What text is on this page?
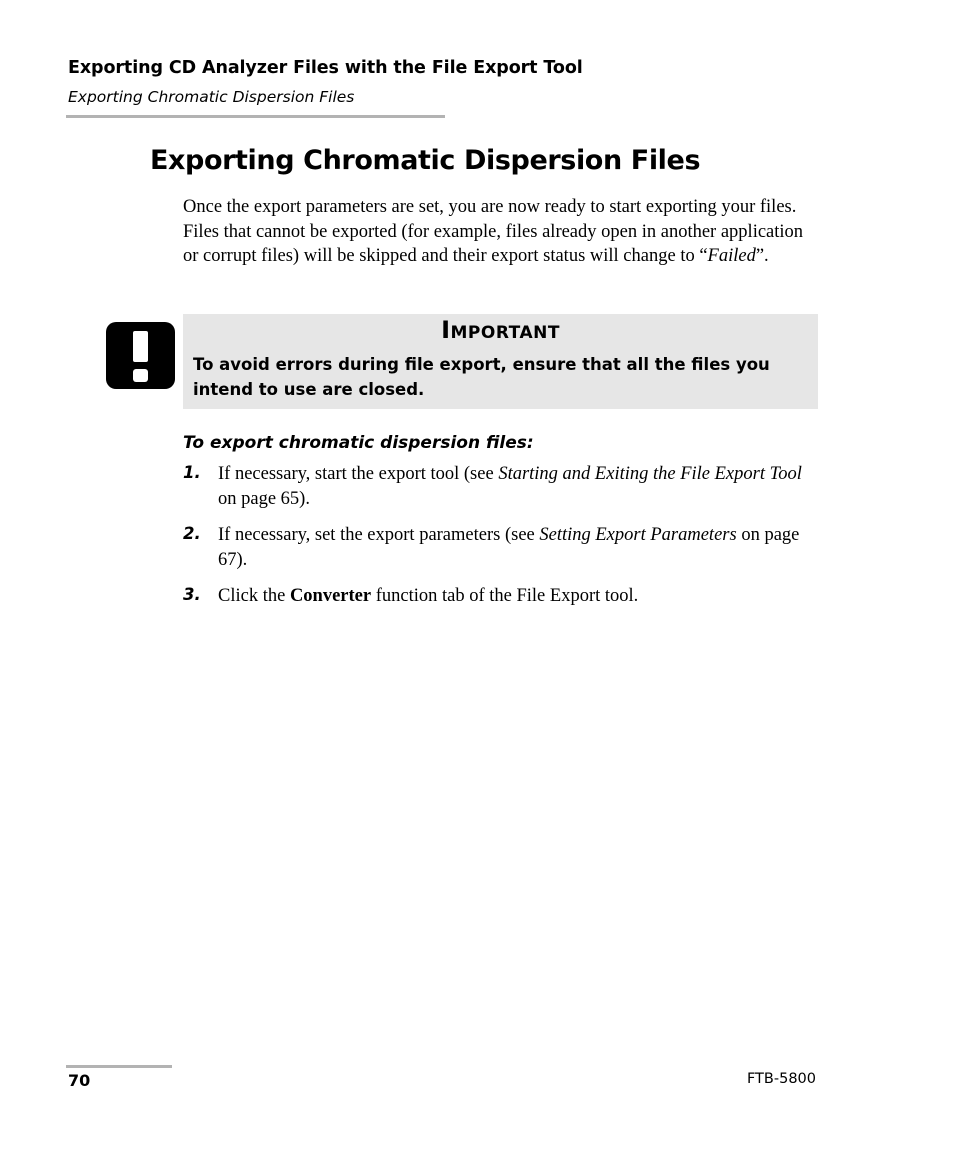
Exporting CD Analyzer Files with the File Export Tool
Exporting Chromatic Dispersion Files
Exporting Chromatic Dispersion Files
Once the export parameters are set, you are now ready to start exporting your files. Files that cannot be exported (for example, files already open in another application or corrupt files) will be skipped and their export status will change to “Failed”.
Important
To avoid errors during file export, ensure that all the files you intend to use are closed.
To export chromatic dispersion files:
1. If necessary, start the export tool (see Starting and Exiting the File Export Tool on page 65).
2. If necessary, set the export parameters (see Setting Export Parameters on page 67).
3. Click the Converter function tab of the File Export tool.
70	FTB-5800
